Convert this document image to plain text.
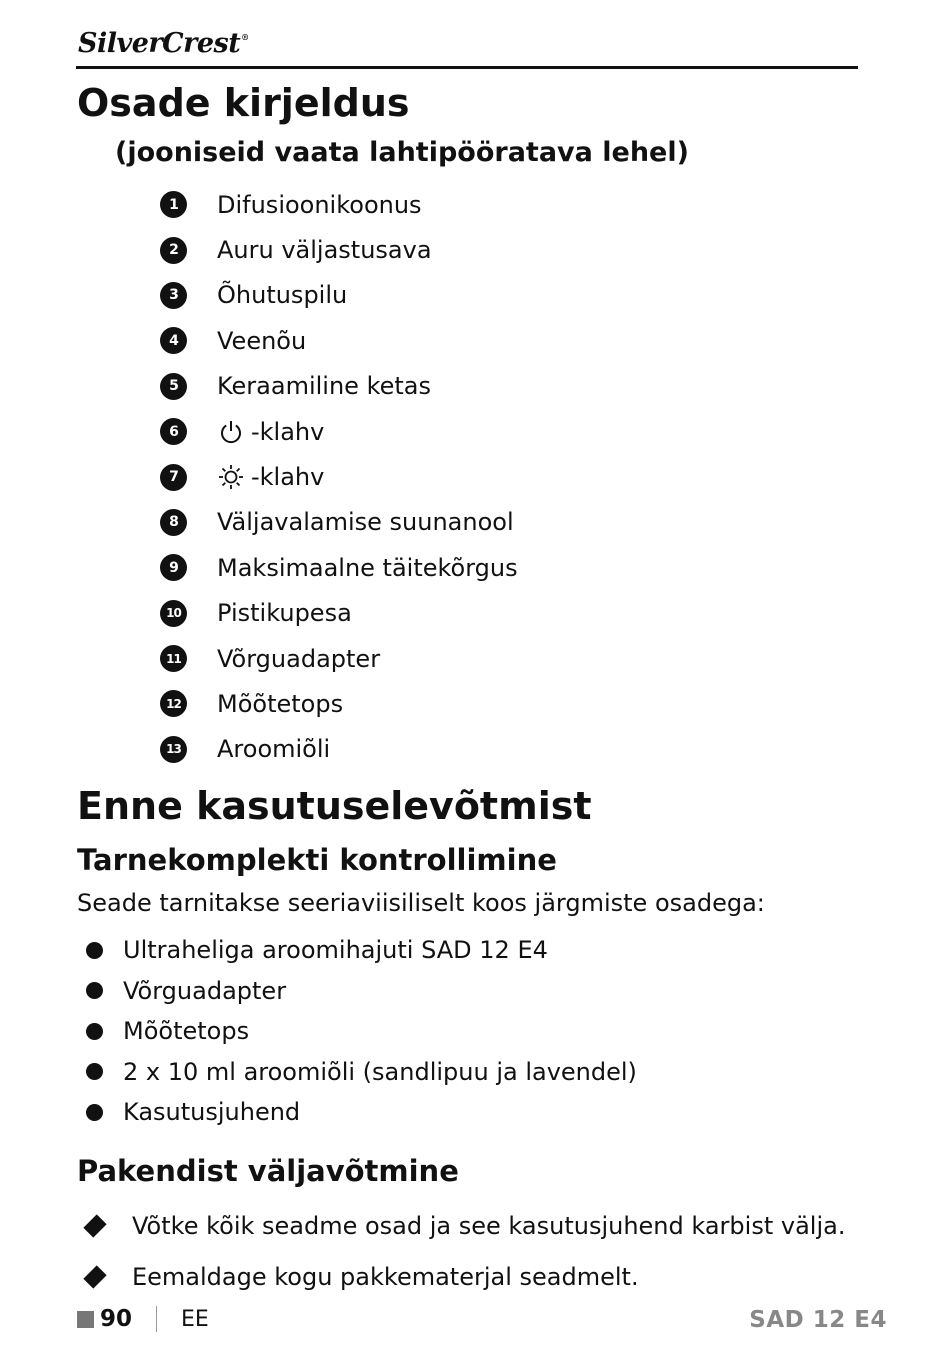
SilverCrest®
Osade kirjeldus
(jooniseid vaata lahtipööratava lehel)
1	Difusioonikoonus
2	Auru väljastusava
3	Õhutuspilu
4	Veenõu
5	Keraamiline ketas
6	-klahv
7	-klahv
8	Väljavalamise suunanool
9	Maksimaalne täitekõrgus
10 Pistikupesa
11 Võrguadapter
12 Mõõtetops
13 Aroomiõli
Enne kasutuselevõtmist
Tarnekomplekti kontrollimine
Seade tarnitakse seeriaviisiliselt koos järgmiste osadega:
Ultraheliga aroomihajuti SAD 12 E4
Võrguadapter
Mõõtetops
2 x 10 ml aroomiõli (sandlipuu ja lavendel)
Kasutusjuhend
Pakendist väljavõtmine
Võtke kõik seadme osad ja see kasutusjuhend karbist välja.
Eemaldage kogu pakkematerjal seadmelt.
90 EE	SAD 12 E4
